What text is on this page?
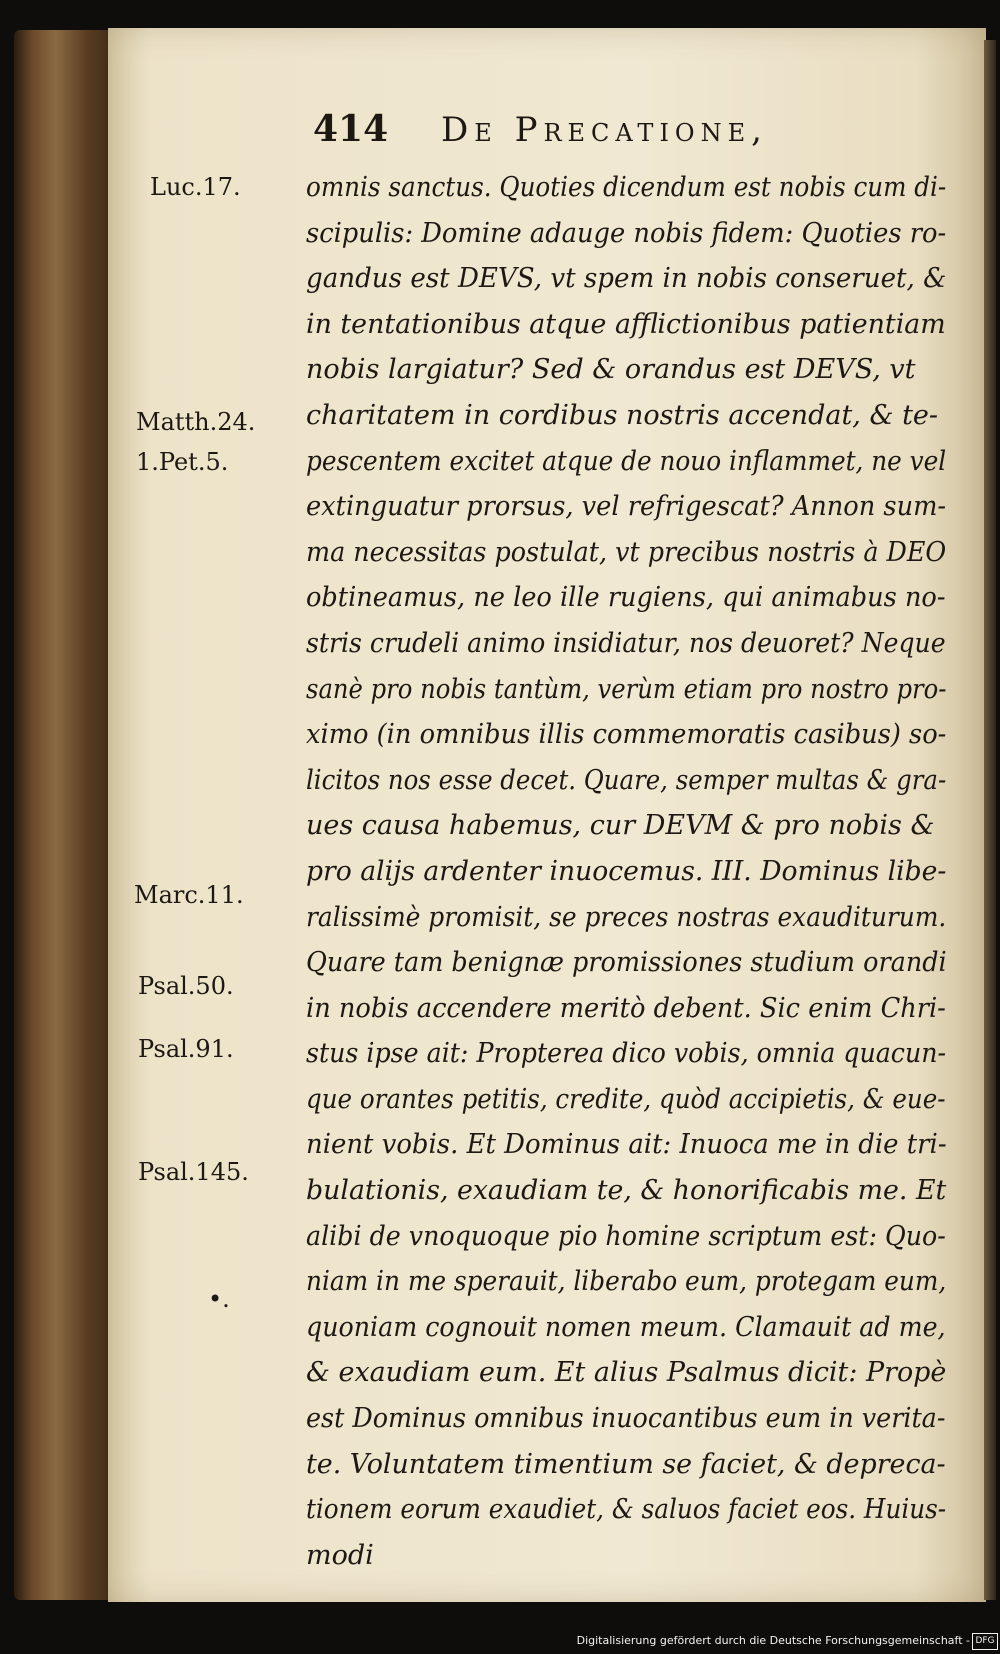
414 De Precatione,
Luc.17.
Matth.24.
1.Pet.5.
Marc.11.
Psal.50.
Psal.91.
Psal.145.
•.
omnis sanctus. Quoties dicendum est nobis cum di-
scipulis: Domine adauge nobis fidem: Quoties ro-
gandus est DEVS, vt spem in nobis conseruet, &
in tentationibus atque afflictionibus patientiam
nobis largiatur? Sed & orandus est DEVS, vt
charitatem in cordibus nostris accendat, & te-
pescentem excitet atque de nouo inflammet, ne vel
extinguatur prorsus, vel refrigescat? Annon sum-
ma necessitas postulat, vt precibus nostris à DEO
obtineamus, ne leo ille rugiens, qui animabus no-
stris crudeli animo insidiatur, nos deuoret? Neque
sanè pro nobis tantùm, verùm etiam pro nostro pro-
ximo (in omnibus illis commemoratis casibus) so-
licitos nos esse decet. Quare, semper multas & gra-
ues causa habemus, cur DEVM & pro nobis &
pro alijs ardenter inuocemus. III. Dominus libe-
ralissimè promisit, se preces nostras exauditurum.
Quare tam benignæ promissiones studium orandi
in nobis accendere meritò debent. Sic enim Chri-
stus ipse ait: Propterea dico vobis, omnia quacun-
que orantes petitis, credite, quòd accipietis, & eue-
nient vobis. Et Dominus ait: Inuoca me in die tri-
bulationis, exaudiam te, & honorificabis me. Et
alibi de vnoquoque pio homine scriptum est: Quo-
niam in me sperauit, liberabo eum, protegam eum,
quoniam cognouit nomen meum. Clamauit ad me,
& exaudiam eum. Et alius Psalmus dicit: Propè
est Dominus omnibus inuocantibus eum in verita-
te. Voluntatem timentium se faciet, & depreca-
tionem eorum exaudiet, & saluos faciet eos. Huius-
modi
Digitalisierung gefördert durch die Deutsche Forschungsgemeinschaft - DFG
